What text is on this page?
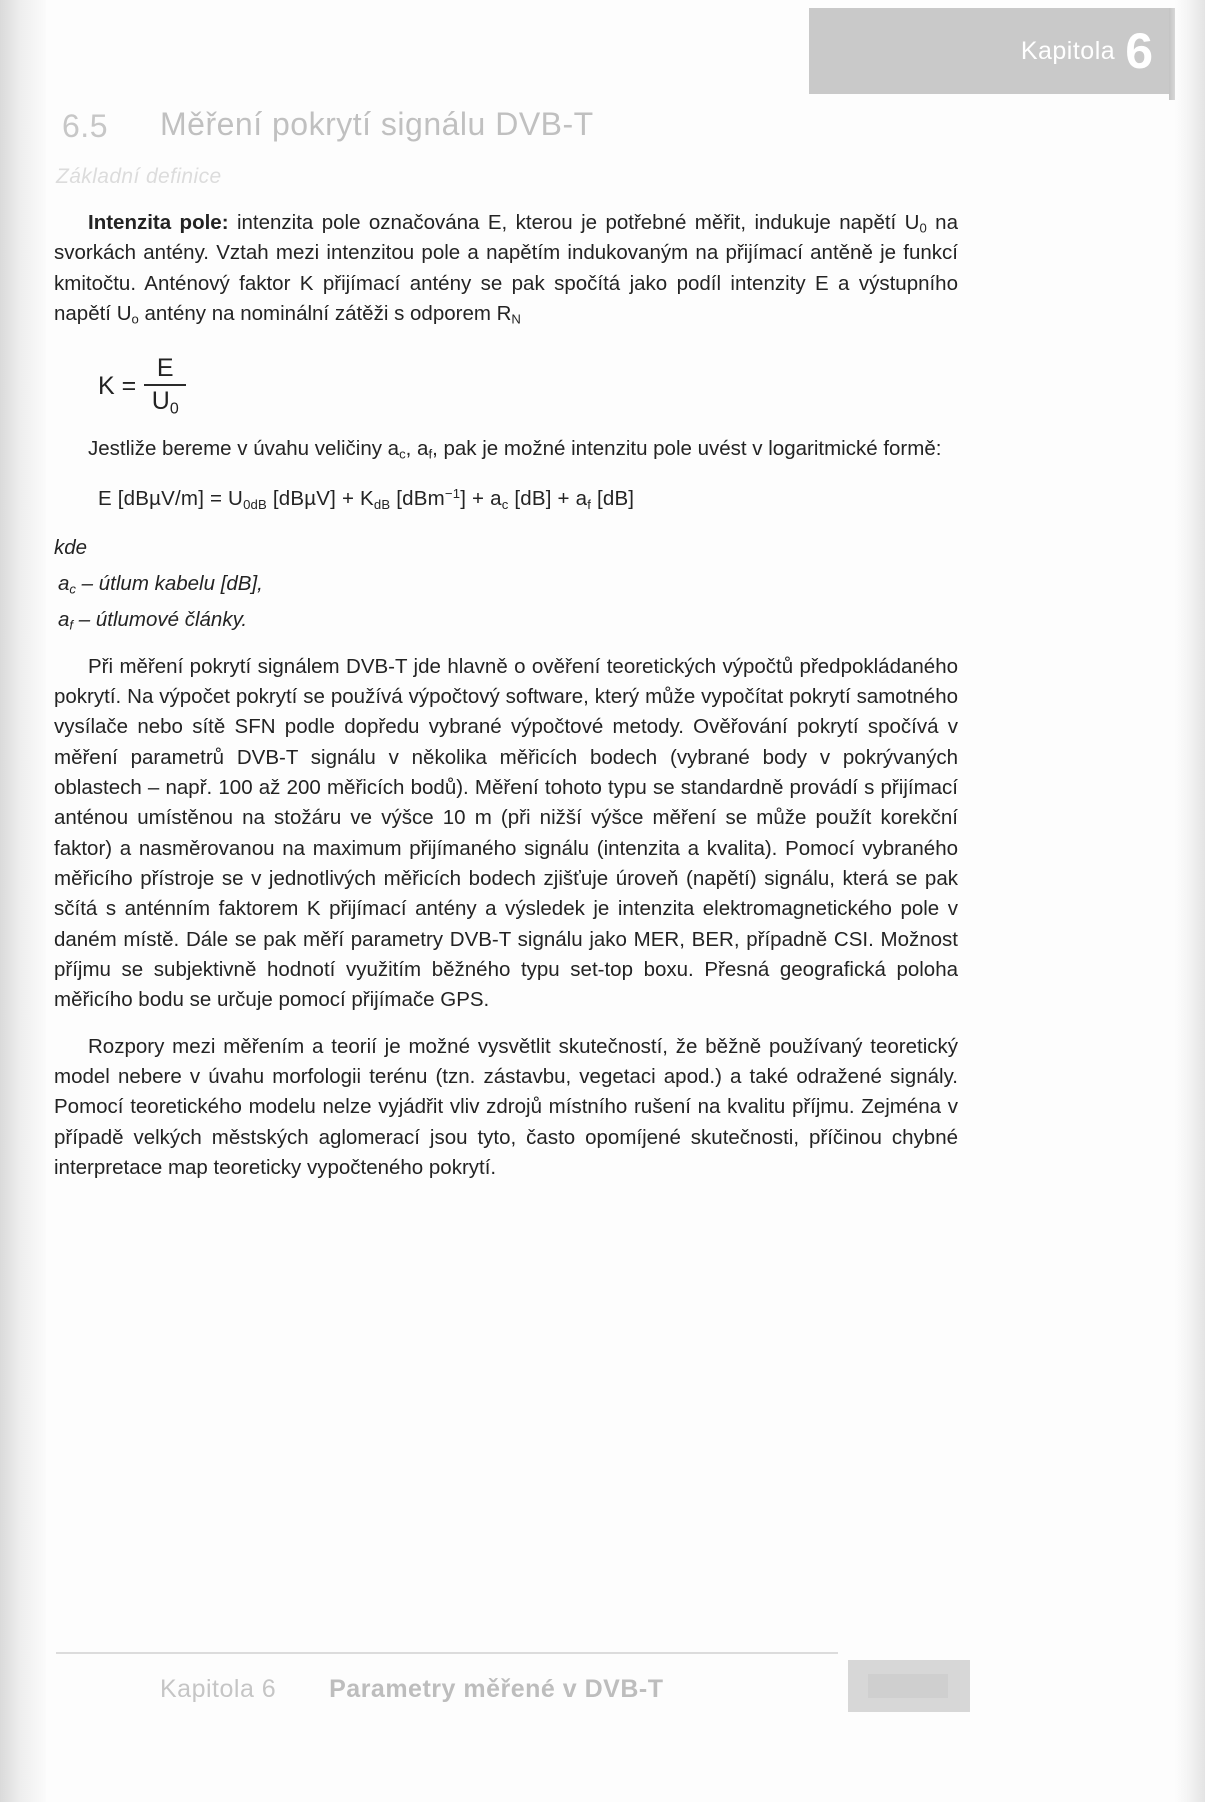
Kapitola 6
6.5 Měření pokrytí signálu DVB-T
Základní definice

Intenzita pole: intenzita pole označována E, kterou je potřebné měřit, indukuje napětí $U_0$ na svorkách antény. Vztah mezi intenzitou pole a napětím indukovaným na přijímací antěně je funkcí kmitočtu. Anténový faktor K přijímací antény se pak spočítá jako podíl intenzity E a výstupního napětí $U_o$ antény na nominální zátěži s odporem $R_N$

$K = \frac{E}{U_0}$

Jestliže bereme v úvahu veličiny $a_c$, $a_f$, pak je možné intenzitu pole uvést v logaritmické formě:

E $[dB\mu V/m] = U_{0dB}$ $[dB\mu V] + K_{dB}$ $[dBm^{-1}] + a_c$ $[dB] + a_f$ [dB]
kde
$a_c$ – útlum kabelu [dB],
$a_f$ – útlumové články.

Při měření pokrytí signálem DVB-T jde hlavně o ověření teoretických výpočtů předpokládaného pokrytí. Na výpočet pokrytí se používá výpočtový software, který může vypočítat pokrytí samotného vysílače nebo sítě SFN podle dopředu vybrané výpočtové metody. Ověřování pokrytí spočívá v měření parametrů DVB-T signálu v několika měřicích bodech (vybrané body v pokrývaných oblastech – např. 100 až 200 měřicích bodů). Měření tohoto typu se standardně provádí s přijímací anténou umístěnou na stožáru ve výšce 10 m (při nižší výšce měření se může použít korekční faktor) a nasměrovanou na maximum přijímaného signálu (intenzita a kvalita). Pomocí vybraného měřicího přístroje se v jednotlivých měřicích bodech zjišťuje úroveň (napětí) signálu, která se pak sčítá s anténním faktorem K přijímací antény a výsledek je intenzita elektromagnetického pole v daném místě. Dále se pak měří parametry DVB-T signálu jako MER, BER, případně CSI. Možnost příjmu se subjektivně hodnotí využitím běžného typu set-top boxu. Přesná geografická poloha měřicího bodu se určuje pomocí přijímače GPS.

Rozpory mezi měřením a teorií je možné vysvětlit skutečností, že běžně používaný teoretický model nebere v úvahu morfologii terénu (tzn. zástavbu, vegetaci apod.) a také odražené signály. Pomocí teoretického modelu nelze vyjádřit vliv zdrojů místního rušení na kvalitu příjmu. Zejména v případě velkých městských aglomerací jsou tyto, často opomíjené skutečnosti, příčinou chybné interpretace map teoreticky vypočteného pokrytí.

Kapitola 6 Parametry měřené v DVB-T
